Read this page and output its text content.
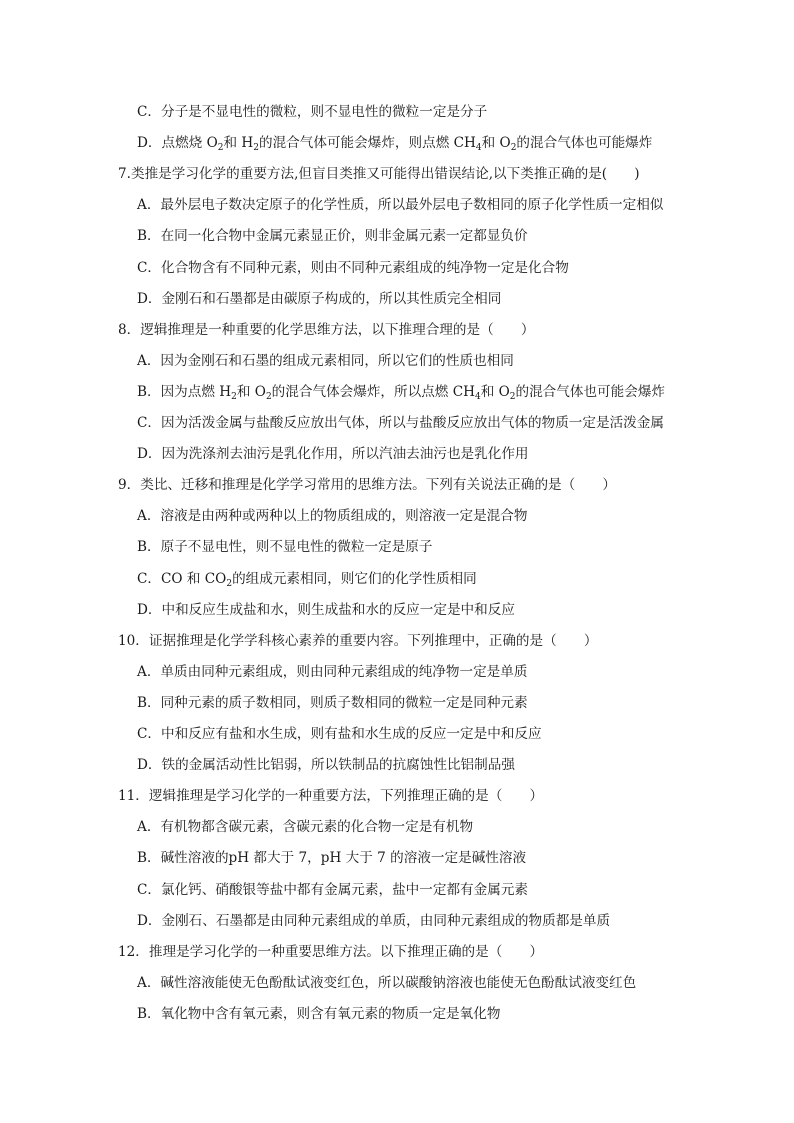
C．分子是不显电性的微粒，则不显电性的微粒一定是分子
D．点燃烧 $O_2$和 $H_2$的混合气体可能会爆炸，则点燃 $CH_4$和 $O_2$的混合气体也可能爆炸
7.类推是学习化学的重要方法,但盲目类推又可能得出错误结论,以下类推正确的是(　　)
A．最外层电子数决定原子的化学性质，所以最外层电子数相同的原子化学性质一定相似
B．在同一化合物中金属元素显正价，则非金属元素一定都显负价
C．化合物含有不同种元素，则由不同种元素组成的纯净物一定是化合物
D．金刚石和石墨都是由碳原子构成的，所以其性质完全相同
8．逻辑推理是一种重要的化学思维方法，以下推理合理的是（　　）
A．因为金刚石和石墨的组成元素相同，所以它们的性质也相同
B．因为点燃 $H_2$和 $O_2$的混合气体会爆炸，所以点燃 $CH_4$和 $O_2$的混合气体也可能会爆炸
C．因为活泼金属与盐酸反应放出气体，所以与盐酸反应放出气体的物质一定是活泼金属
D．因为洗涤剂去油污是乳化作用，所以汽油去油污也是乳化作用
9．类比、迁移和推理是化学学习常用的思维方法。下列有关说法正确的是（　　）
A．溶液是由两种或两种以上的物质组成的，则溶液一定是混合物
B．原子不显电性，则不显电性的微粒一定是原子
C．CO 和 $CO_2$的组成元素相同，则它们的化学性质相同
D．中和反应生成盐和水，则生成盐和水的反应一定是中和反应
10．证据推理是化学学科核心素养的重要内容。下列推理中，正确的是（　　）
A．单质由同种元素组成，则由同种元素组成的纯净物一定是单质
B．同种元素的质子数相同，则质子数相同的微粒一定是同种元素
C．中和反应有盐和水生成，则有盐和水生成的反应一定是中和反应
D．铁的金属活动性比铝弱，所以铁制品的抗腐蚀性比铝制品强
11．逻辑推理是学习化学的一种重要方法，下列推理正确的是（　　）
A．有机物都含碳元素，含碳元素的化合物一定是有机物
B．碱性溶液的pH 都大于 7，pH 大于 7 的溶液一定是碱性溶液
C．氯化钙、硝酸银等盐中都有金属元素，盐中一定都有金属元素
D．金刚石、石墨都是由同种元素组成的单质，由同种元素组成的物质都是单质
12．推理是学习化学的一种重要思维方法。以下推理正确的是（　　）
A．碱性溶液能使无色酚酞试液变红色，所以碳酸钠溶液也能使无色酚酞试液变红色
B．氧化物中含有氧元素，则含有氧元素的物质一定是氧化物
